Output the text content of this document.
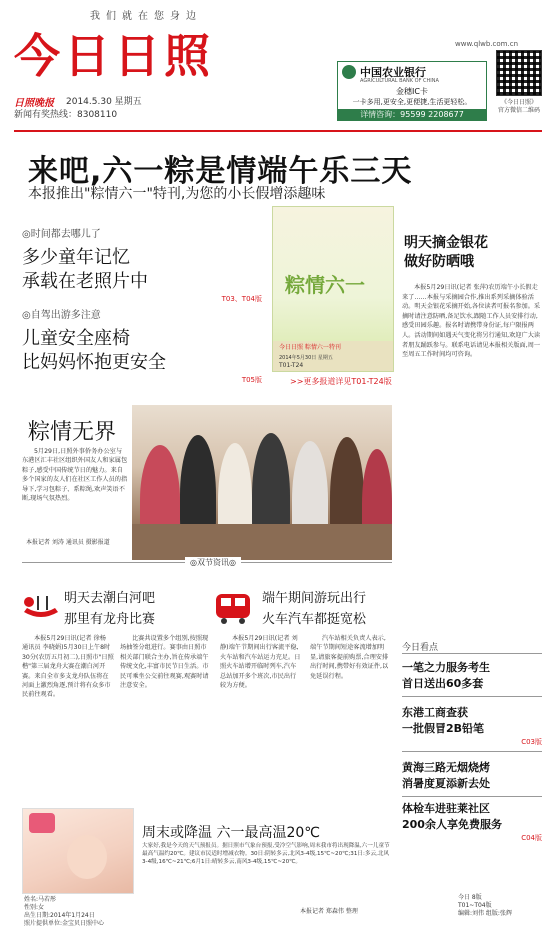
我们就在您身边
今日日照
日照晚报 2014.5.30 星期五
新闻有奖热线：8308110
www.qlwb.com.cn
中国农业银行
AGRICULTURAL BANK OF CHINA
金穗IC卡
一卡多用,更安全,更便捷,生活更轻松。
详情咨询：95599 2208677
《今日日照》
官方微信二维码
来吧,六一粽是情端午乐三天
本报推出"粽情六一"特刊,为您的小长假增添趣味
◎时间都去哪儿了
多少童年记忆
承载在老照片中
T03、T04版
◎自驾出游多注意
儿童安全座椅
比妈妈怀抱更安全
T05版
粽情六一
今日日照 粽情六一特刊
2014年5月30日 星期五
T01-T24
>>更多报道详见T01-T24版
明天摘金银花
做好防晒哦
本报5月29日讯(记者 张萍)农历端午小长假走来了……本报与采摘园合作,推出系列采摘体验活动。明天金银花采摘开始,各位读者可报名参加。采摘时请注意防晒,备足饮水,跟随工作人员安排行动,感受田园乐趣。报名时请携带身份证,每户限报两人。活动期间如遇天气变化将另行通知,欢迎广大读者朋友踊跃参与。联系电话请见本报相关版面,周一至周五工作时间均可咨询。
粽情无界
5月29日,日照外事侨务办公室与东港区汇丰社区组织外国友人和家属包粽子,感受中国传统节日的魅力。来自多个国家的友人们在社区工作人员的指导下,学习包粽子、系粽绳,欢声笑语不断,现场气氛热烈。
本报记者 刘涛 通讯员 摄影报道
◎双节资讯◎
明天去潮白河吧
那里有龙舟比赛
本报5月29日讯(记者 徐杨 通讯员 李晓娟)5月30日上午8时30分(农历五月初二),日照市"日照楷"第三届龙舟大赛在潮白河开赛。来自全市多支龙舟队伍将在河面上激烈角逐,预计将有众多市民前往观看。
比赛共设置多个组别,按照现场抽签分组进行。赛事由日照市相关部门联合主办,旨在传承端午传统文化,丰富市民节日生活。市民可乘坐公交前往观赛,观赛时请注意安全。
端午期间游玩出行
火车汽车都挺宽松
本报5月29日讯(记者 刘静)端午节期间出行客流平稳,火车站和汽车站运力充足。日照火车站增开临时列车,汽车总站加开多个班次,市民出行较为方便。
汽车站相关负责人表示,端午节期间短途客流增加明显,请旅客提前购票,合理安排出行时间,携带好有效证件,以免延误行程。
姓名:马若彤
性别:女
出生日期:2014年1月24日
照片提供单位:金宝贝日照中心
周末或降温 六一最高温20℃
大家好,我是今天的天气预报员。据日照市气象台预报,受冷空气影响,周末我市将出现降温,六一儿童节最高气温约20℃。建议市民适时增减衣物。30日:阴转多云,北风3-4级,15℃~20℃;31日:多云,北风3-4级,16℃~21℃;6月1日:晴转多云,南风3-4级,15℃~20℃。
本报记者 郑森伟 整理
今日看点
一笔之力服务考生
首日送出60多套
东港工商查获
一批假冒2B铅笔
C03版
黄海三路无烟烧烤
消暑度夏添新去处
体检车进驻莱社区
200余人享免费服务
C04版
今日 8版
T01~T04版
编辑:刘伟 组版:张辉
